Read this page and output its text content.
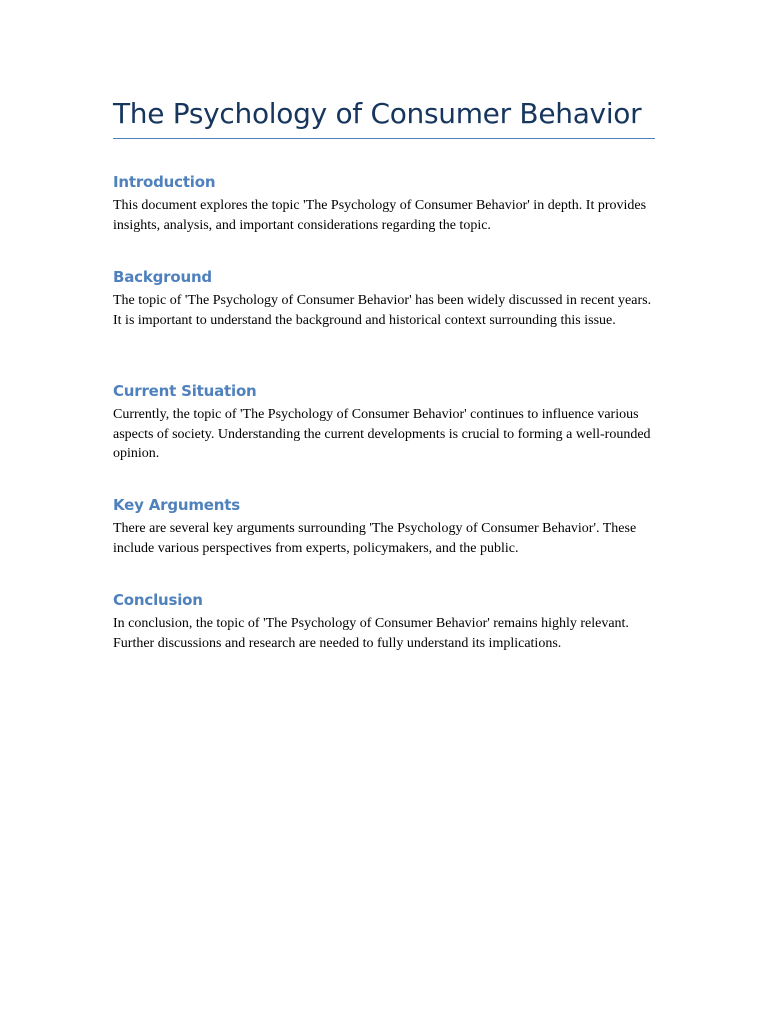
The Psychology of Consumer Behavior
Introduction

This document explores the topic 'The Psychology of Consumer Behavior' in depth. It provides insights, analysis, and important considerations regarding the topic.

Background

The topic of 'The Psychology of Consumer Behavior' has been widely discussed in recent years. It is important to understand the background and historical context surrounding this issue.

Current Situation

Currently, the topic of 'The Psychology of Consumer Behavior' continues to influence various aspects of society. Understanding the current developments is crucial to forming a well-rounded opinion.

Key Arguments

There are several key arguments surrounding 'The Psychology of Consumer Behavior'. These include various perspectives from experts, policymakers, and the public.

Conclusion

In conclusion, the topic of 'The Psychology of Consumer Behavior' remains highly relevant. Further discussions and research are needed to fully understand its implications.
